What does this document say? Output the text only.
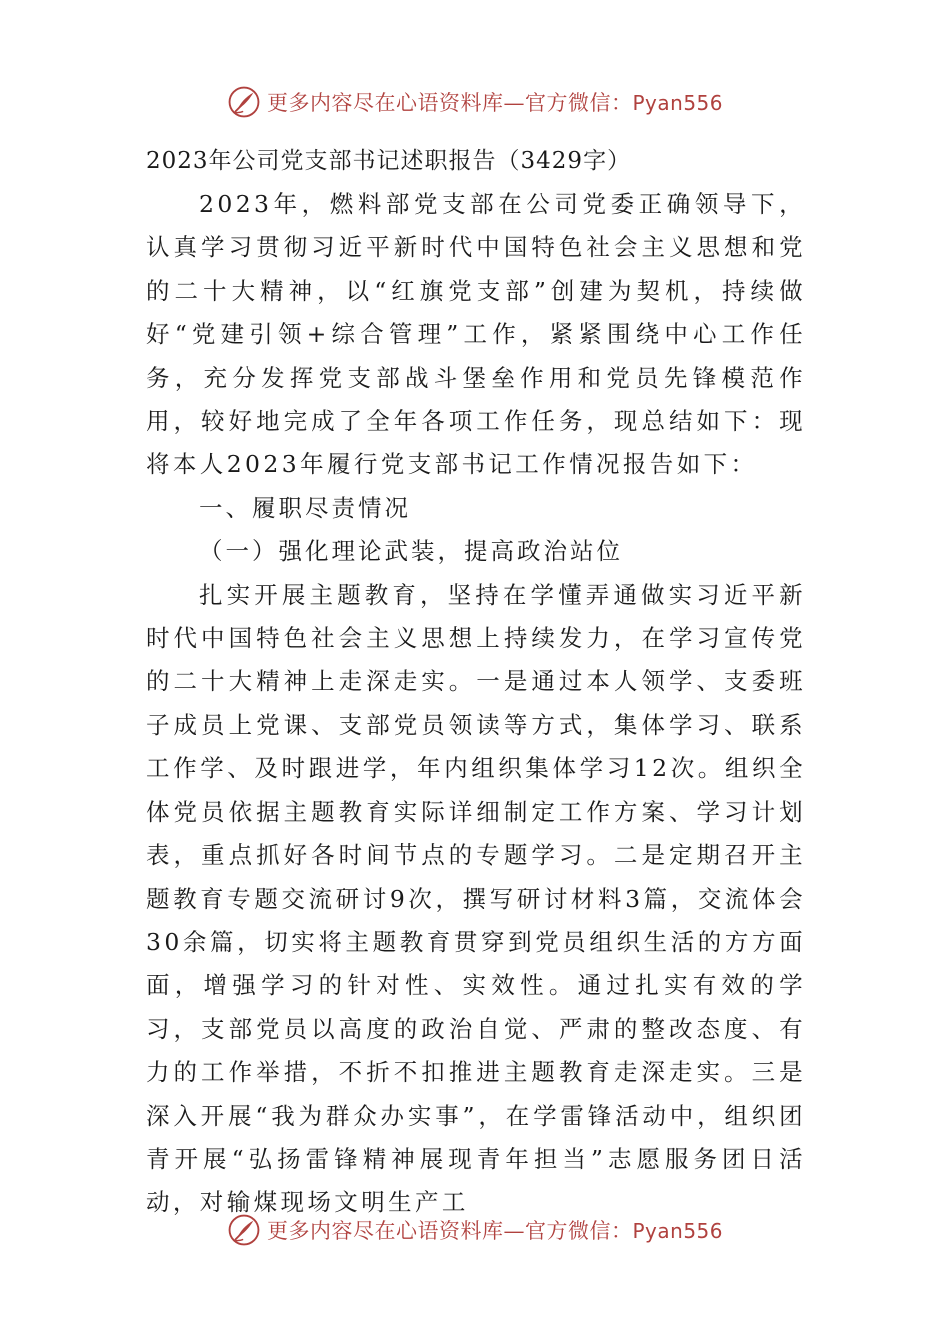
更多内容尽在心语资料库—官方微信：Pyan556

2023年公司党支部书记述职报告（3429字）

2023年，燃料部党支部在公司党委正确领导下，认真学习贯彻习近平新时代中国特色社会主义思想和党的二十大精神，以“红旗党支部”创建为契机，持续做好“党建引领+综合管理”工作，紧紧围绕中心工作任务，充分发挥党支部战斗堡垒作用和党员先锋模范作用，较好地完成了全年各项工作任务，现总结如下：现将本人2023年履行党支部书记工作情况报告如下：

一、履职尽责情况

（一）强化理论武装，提高政治站位

扎实开展主题教育，坚持在学懂弄通做实习近平新时代中国特色社会主义思想上持续发力，在学习宣传党的二十大精神上走深走实。一是通过本人领学、支委班子成员上党课、支部党员领读等方式，集体学习、联系工作学、及时跟进学，年内组织集体学习12次。组织全体党员依据主题教育实际详细制定工作方案、学习计划表，重点抓好各时间节点的专题学习。二是定期召开主题教育专题交流研讨9次，撰写研讨材料3篇，交流体会30余篇，切实将主题教育贯穿到党员组织生活的方方面面，增强学习的针对性、实效性。通过扎实有效的学习，支部党员以高度的政治自觉、严肃的整改态度、有力的工作举措，不折不扣推进主题教育走深走实。三是深入开展“我为群众办实事”，在学雷锋活动中，组织团青开展“弘扬雷锋精神展现青年担当”志愿服务团日活动，对输煤现场文明生产工

更多内容尽在心语资料库—官方微信：Pyan556
